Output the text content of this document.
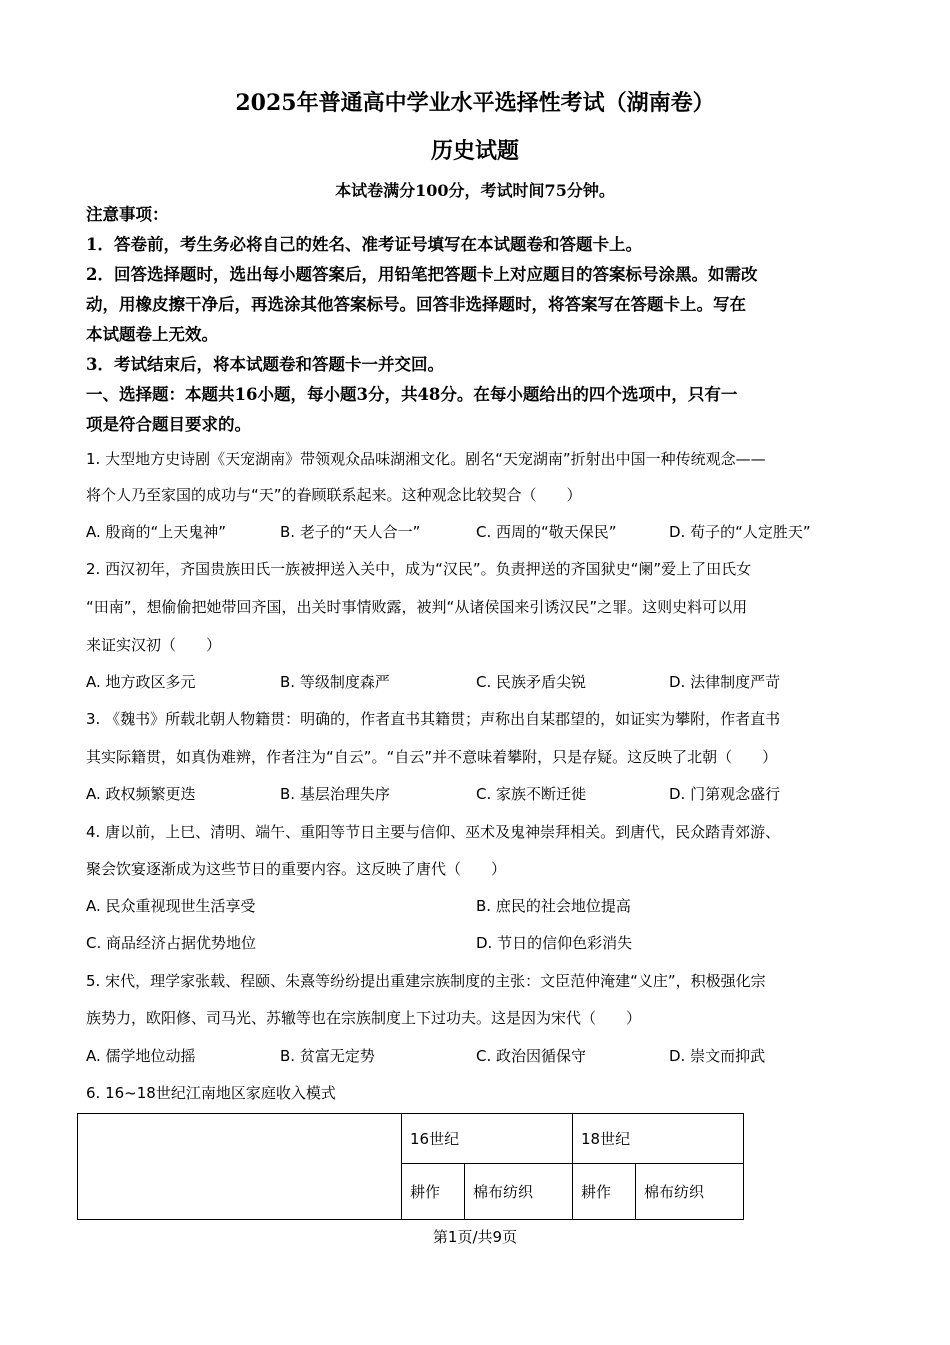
2025年普通高中学业水平选择性考试（湖南卷）
历史试题
本试卷满分100分，考试时间75分钟。
注意事项：
1．答卷前，考生务必将自己的姓名、准考证号填写在本试题卷和答题卡上。
2．回答选择题时，选出每小题答案后，用铅笔把答题卡上对应题目的答案标号涂黑。如需改
动，用橡皮擦干净后，再选涂其他答案标号。回答非选择题时，将答案写在答题卡上。写在
本试题卷上无效。
3．考试结束后，将本试题卷和答题卡一并交回。
一、选择题：本题共16小题，每小题3分，共48分。在每小题给出的四个选项中，只有一
项是符合题目要求的。
1. 大型地方史诗剧《天宠湖南》带领观众品味湖湘文化。剧名“天宠湖南”折射出中国一种传统观念——
将个人乃至家国的成功与“天”的眷顾联系起来。这种观念比较契合（　　）
A. 殷商的“上天鬼神”	B. 老子的“天人合一”	C. 西周的“敬天保民”	D. 荀子的“人定胜天”
2. 西汉初年，齐国贵族田氏一族被押送入关中，成为“汉民”。负责押送的齐国狱史“阑”爱上了田氏女
“田南”，想偷偷把她带回齐国，出关时事情败露，被判“从诸侯国来引诱汉民”之罪。这则史料可以用
来证实汉初（　　）
A. 地方政区多元	B. 等级制度森严	C. 民族矛盾尖锐	D. 法律制度严苛
3. 《魏书》所载北朝人物籍贯：明确的，作者直书其籍贯；声称出自某郡望的，如证实为攀附，作者直书
其实际籍贯，如真伪难辨，作者注为“自云”。“自云”并不意味着攀附，只是存疑。这反映了北朝（　　）
A. 政权频繁更迭	B. 基层治理失序	C. 家族不断迁徙	D. 门第观念盛行
4. 唐以前，上巳、清明、端午、重阳等节日主要与信仰、巫术及鬼神崇拜相关。到唐代，民众踏青郊游、
聚会饮宴逐渐成为这些节日的重要内容。这反映了唐代（　　）
A. 民众重视现世生活享受	B. 庶民的社会地位提高
C. 商品经济占据优势地位	D. 节日的信仰色彩消失
5. 宋代，理学家张载、程颐、朱熹等纷纷提出重建宗族制度的主张：文臣范仲淹建“义庄”，积极强化宗
族势力，欧阳修、司马光、苏辙等也在宗族制度上下过功夫。这是因为宋代（　　）
A. 儒学地位动摇	B. 贫富无定势	C. 政治因循保守	D. 崇文而抑武
6. 16~18世纪江南地区家庭收入模式
	16世纪		18世纪	
	耕作	棉布纺织	耕作	棉布纺织
第1页/共9页
